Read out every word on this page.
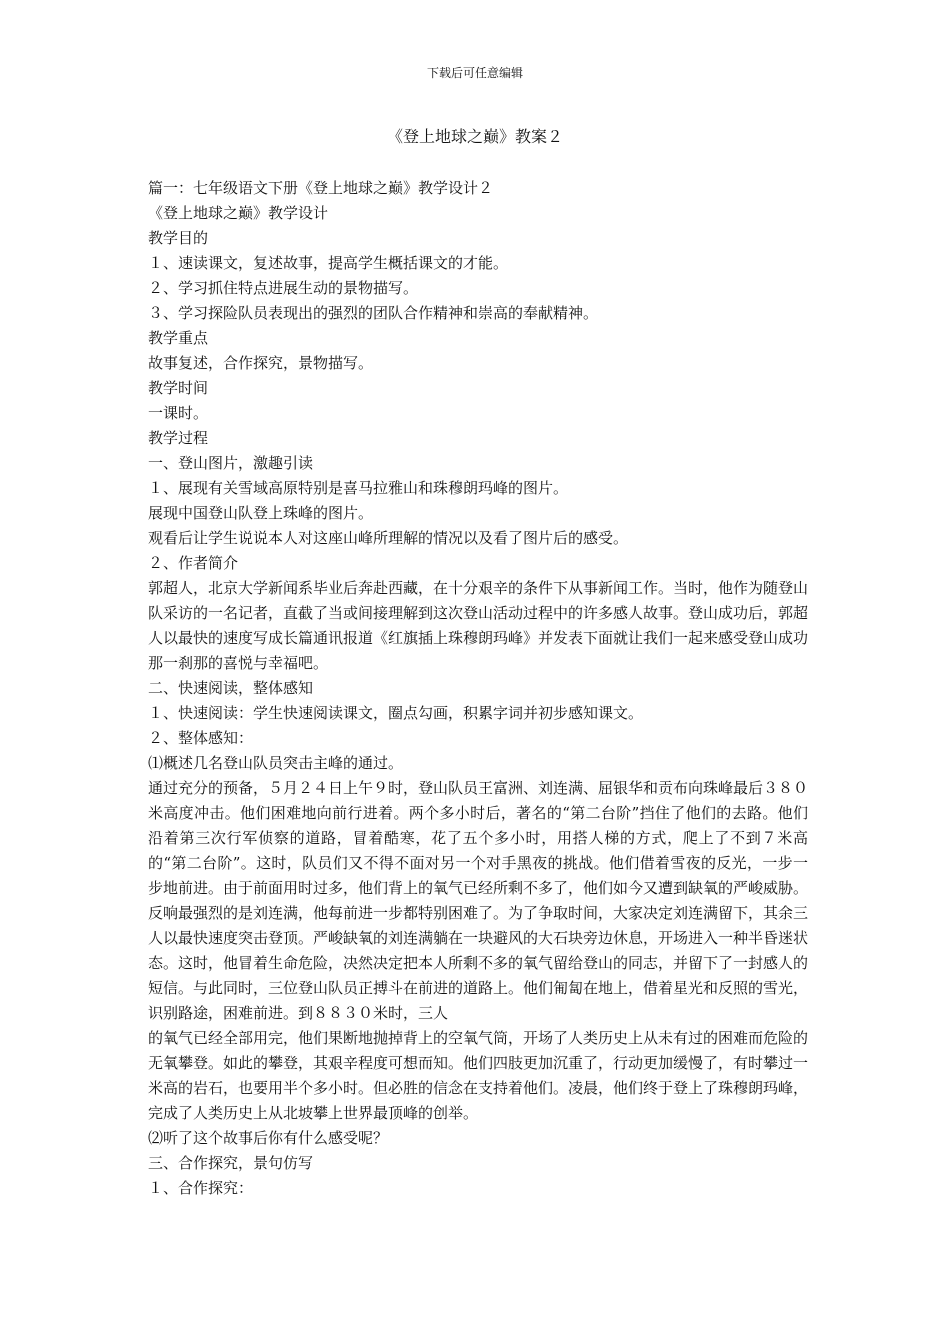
下载后可任意编辑
《登上地球之巅》教案２
篇一：七年级语文下册《登上地球之巅》教学设计２
《登上地球之巅》教学设计
教学目的
１、速读课文，复述故事，提高学生概括课文的才能。
２、学习抓住特点进展生动的景物描写。
３、学习探险队员表现出的强烈的团队合作精神和崇高的奉献精神。
教学重点
故事复述，合作探究，景物描写。
教学时间
一课时。
教学过程
一、登山图片，激趣引读
１、展现有关雪域高原特别是喜马拉雅山和珠穆朗玛峰的图片。
展现中国登山队登上珠峰的图片。
观看后让学生说说本人对这座山峰所理解的情况以及看了图片后的感受。
２、作者简介
郭超人，北京大学新闻系毕业后奔赴西藏，在十分艰辛的条件下从事新闻工作。当时，他作为随登山队采访的一名记者，直截了当或间接理解到这次登山活动过程中的许多感人故事。登山成功后，郭超人以最快的速度写成长篇通讯报道《红旗插上珠穆朗玛峰》并发表下面就让我们一起来感受登山成功那一刹那的喜悦与幸福吧。
二、快速阅读，整体感知
１、快速阅读：学生快速阅读课文，圈点勾画，积累字词并初步感知课文。
２、整体感知：
⑴概述几名登山队员突击主峰的通过。
通过充分的预备，５月２４日上午９时，登山队员王富洲、刘连满、屈银华和贡布向珠峰最后３８０米高度冲击。他们困难地向前行进着。两个多小时后，著名的“第二台阶”挡住了他们的去路。他们沿着第三次行军侦察的道路，冒着酷寒，花了五个多小时，用搭人梯的方式，爬上了不到７米高的“第二台阶”。这时，队员们又不得不面对另一个对手黑夜的挑战。他们借着雪夜的反光，一步一步地前进。由于前面用时过多，他们背上的氧气已经所剩不多了，他们如今又遭到缺氧的严峻威胁。反响最强烈的是刘连满，他每前进一步都特别困难了。为了争取时间，大家决定刘连满留下，其余三人以最快速度突击登顶。严峻缺氧的刘连满躺在一块避风的大石块旁边休息，开场进入一种半昏迷状态。这时，他冒着生命危险，决然决定把本人所剩不多的氧气留给登山的同志，并留下了一封感人的短信。与此同时，三位登山队员正搏斗在前进的道路上。他们匍匐在地上，借着星光和反照的雪光，识别路途，困难前进。到８８３０米时，三人
的氧气已经全部用完，他们果断地抛掉背上的空氧气筒，开场了人类历史上从未有过的困难而危险的无氧攀登。如此的攀登，其艰辛程度可想而知。他们四肢更加沉重了，行动更加缓慢了，有时攀过一米高的岩石，也要用半个多小时。但必胜的信念在支持着他们。凌晨，他们终于登上了珠穆朗玛峰，完成了人类历史上从北坡攀上世界最顶峰的创举。
⑵听了这个故事后你有什么感受呢？
三、合作探究，景句仿写
１、合作探究：
